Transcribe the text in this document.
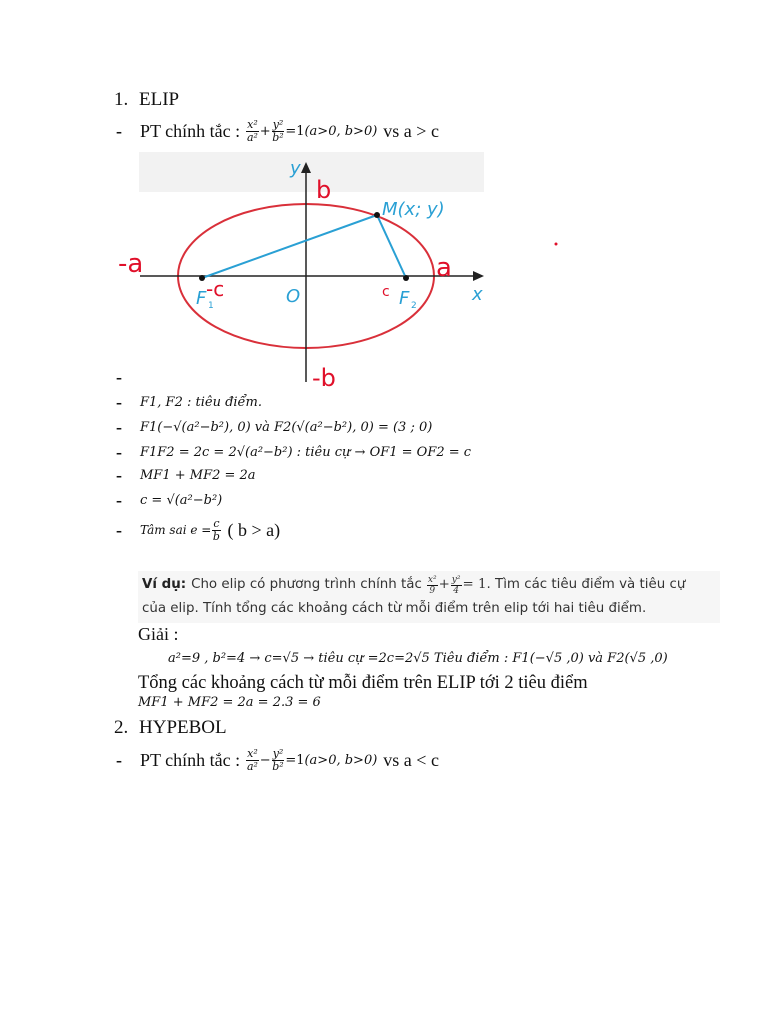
1. ELIP
- PT chính tắc : $\frac{\text{x²}}{\text{a²}} + \frac{\text{y²}}{\text{b²}} =1$ (a>0, b>0) vs a > c
y
x
O
M(x; y)
F 1	F 2
b
-b
-a	a
-c	c
-
- F1, F2 : tiêu điểm.
- F1(−√(a²−b²), 0) và F2(√(a²−b²), 0) = (3 ; 0)
- F1F2 = 2c = 2√(a²−b²) : tiêu cự → OF1 = OF2 = c
- MF1 + MF2 = 2a
- c = √(a²−b²)
- Tâm sai $e = \frac{c}{b}$ ( b > a)
Ví dụ: Cho elip có phương trình chính tắc $\frac{\text{x²}}{9} + \frac{\text{y²}}{4} = 1$ . Tìm các tiêu điểm và tiêu cự
của elip. Tính tổng các khoảng cách từ mỗi điểm trên elip tới hai tiêu điểm.
Giải :
a²=9 , b²=4 → c=√5 → tiêu cự =2c=2√5 Tiêu điểm : F1(−√5 ,0) và F2(√5 ,0)
Tổng các khoảng cách từ mỗi điểm trên ELIP tới 2 tiêu điểm
MF1 + MF2 = 2a = 2.3 = 6
2. HYPEBOL
- PT chính tắc : $\frac{\text{x²}}{\text{a²}} - \frac{\text{y²}}{\text{b²}} =1$ (a>0, b>0) vs a < c
